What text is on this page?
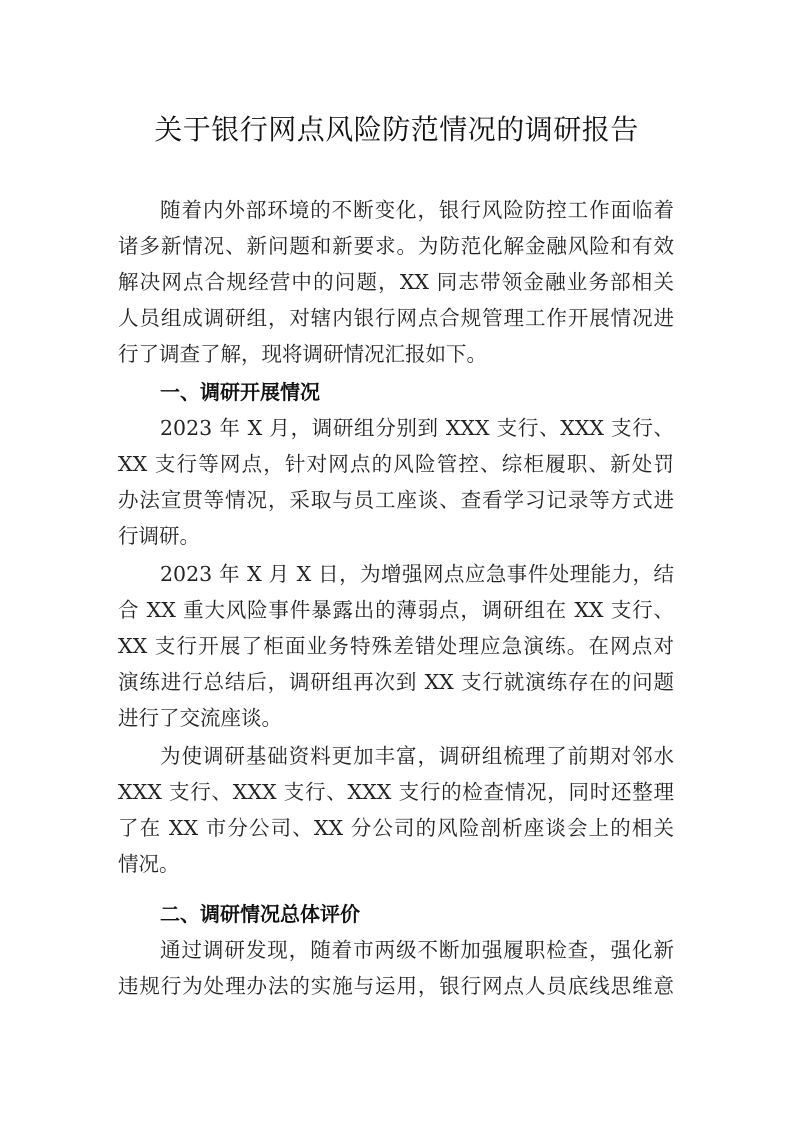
关于银行网点风险防范情况的调研报告
随着内外部环境的不断变化，银行风险防控工作面临着
诸多新情况、新问题和新要求。为防范化解金融风险和有效
解决网点合规经营中的问题，XX 同志带领金融业务部相关
人员组成调研组，对辖内银行网点合规管理工作开展情况进
行了调查了解，现将调研情况汇报如下。
一、调研开展情况
2023 年 X 月，调研组分别到 XXX 支行、XXX 支行、
XX 支行等网点，针对网点的风险管控、综柜履职、新处罚
办法宣贯等情况，采取与员工座谈、查看学习记录等方式进
行调研。
2023 年 X 月 X 日，为增强网点应急事件处理能力，结
合 XX 重大风险事件暴露出的薄弱点，调研组在 XX 支行、
XX 支行开展了柜面业务特殊差错处理应急演练。在网点对
演练进行总结后，调研组再次到 XX 支行就演练存在的问题
进行了交流座谈。
为使调研基础资料更加丰富，调研组梳理了前期对邻水
XXX 支行、XXX 支行、XXX 支行的检查情况，同时还整理
了在 XX 市分公司、XX 分公司的风险剖析座谈会上的相关
情况。
二、调研情况总体评价
通过调研发现，随着市两级不断加强履职检查，强化新
违规行为处理办法的实施与运用，银行网点人员底线思维意
